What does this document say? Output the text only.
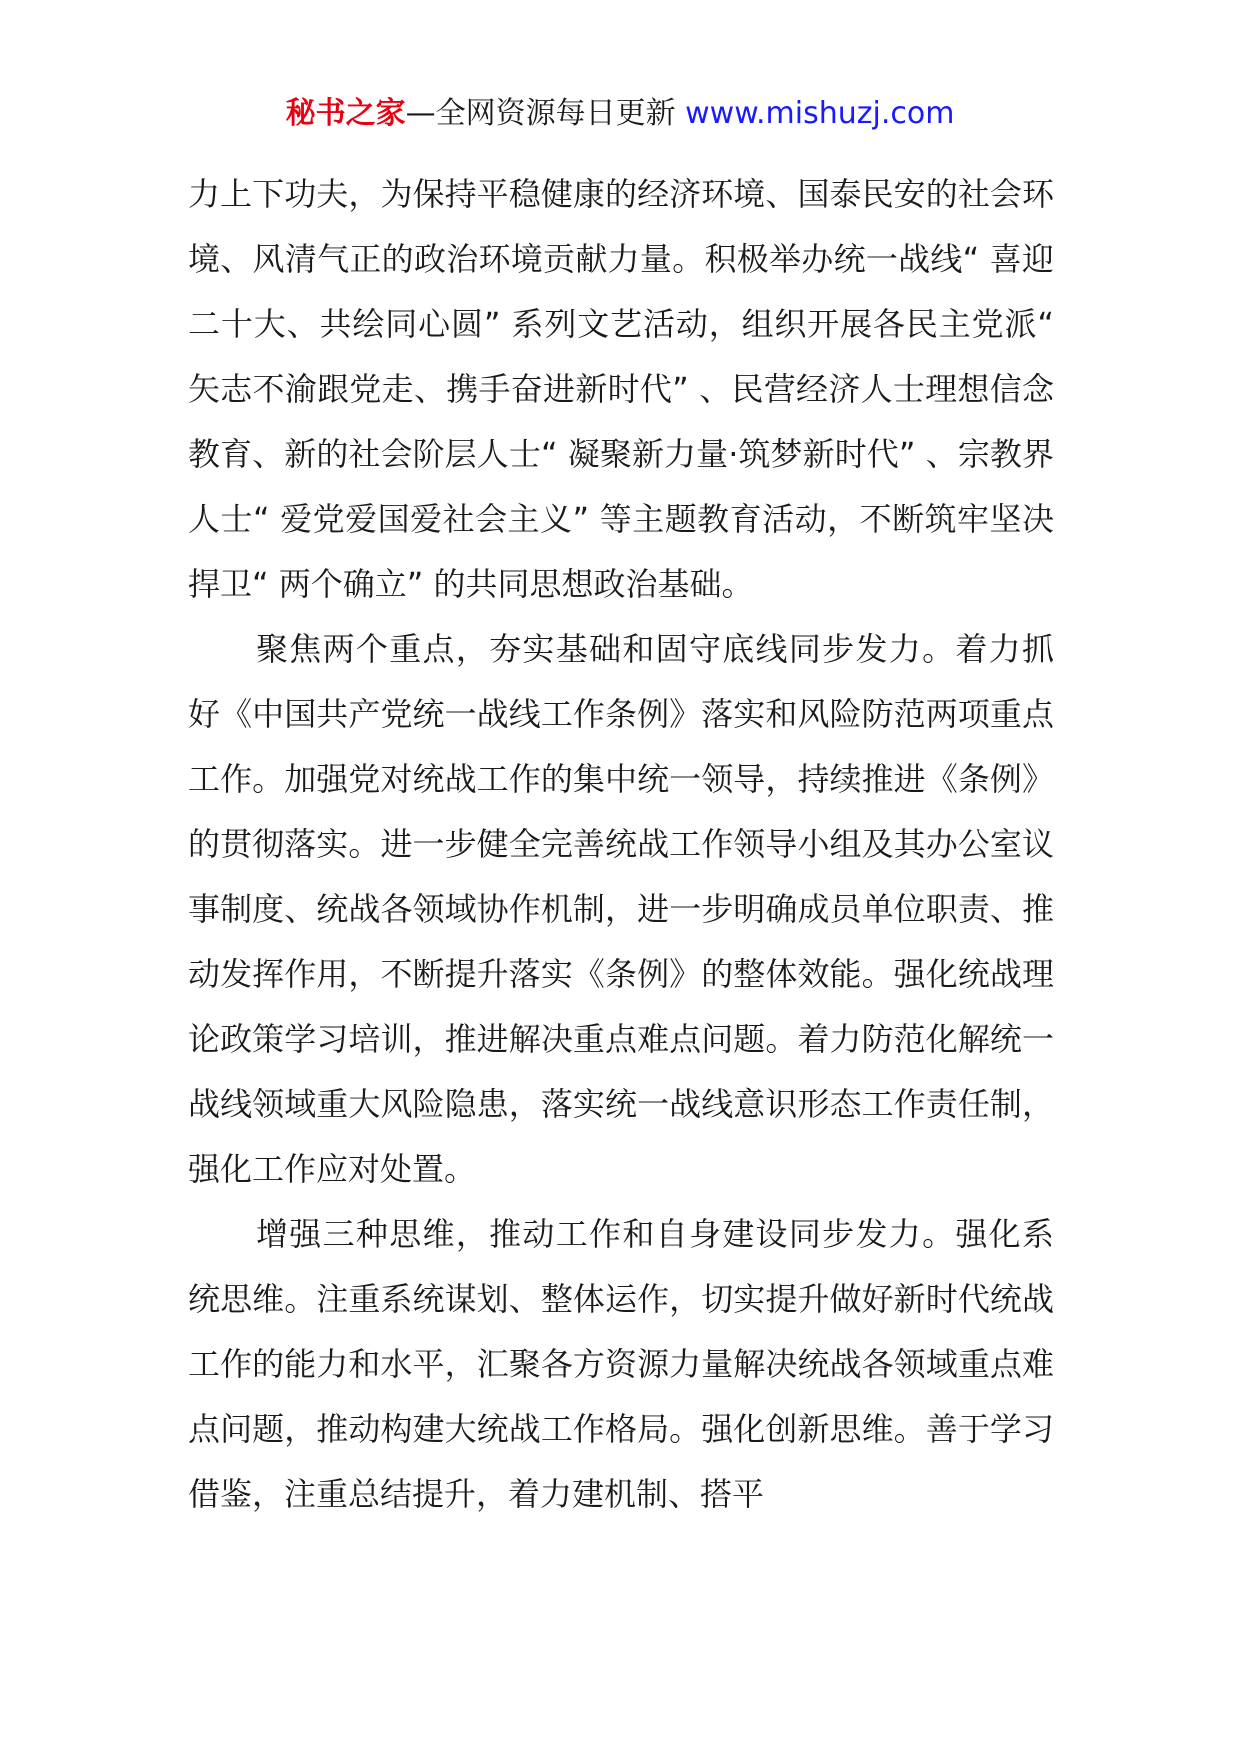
秘书之家—全网资源每日更新 www.mishuzj.com

力上下功夫，为保持平稳健康的经济环境、国泰民安的社会环境、风清气正的政治环境贡献力量。积极举办统一战线“ 喜迎二十大、共绘同心圆” 系列文艺活动，组织开展各民主党派“ 矢志不渝跟党走、携手奋进新时代” 、民营经济人士理想信念教育、新的社会阶层人士“ 凝聚新力量·筑梦新时代” 、宗教界人士“ 爱党爱国爱社会主义” 等主题教育活动，不断筑牢坚决捍卫“ 两个确立” 的共同思想政治基础。

聚焦两个重点，夯实基础和固守底线同步发力。着力抓好《中国共产党统一战线工作条例》落实和风险防范两项重点工作。加强党对统战工作的集中统一领导，持续推进《条例》的贯彻落实。进一步健全完善统战工作领导小组及其办公室议事制度、统战各领域协作机制，进一步明确成员单位职责、推动发挥作用，不断提升落实《条例》的整体效能。强化统战理论政策学习培训，推进解决重点难点问题。着力防范化解统一战线领域重大风险隐患，落实统一战线意识形态工作责任制，强化工作应对处置。

增强三种思维，推动工作和自身建设同步发力。强化系统思维。注重系统谋划、整体运作，切实提升做好新时代统战工作的能力和水平，汇聚各方资源力量解决统战各领域重点难点问题，推动构建大统战工作格局。强化创新思维。善于学习借鉴，注重总结提升，着力建机制、搭平
